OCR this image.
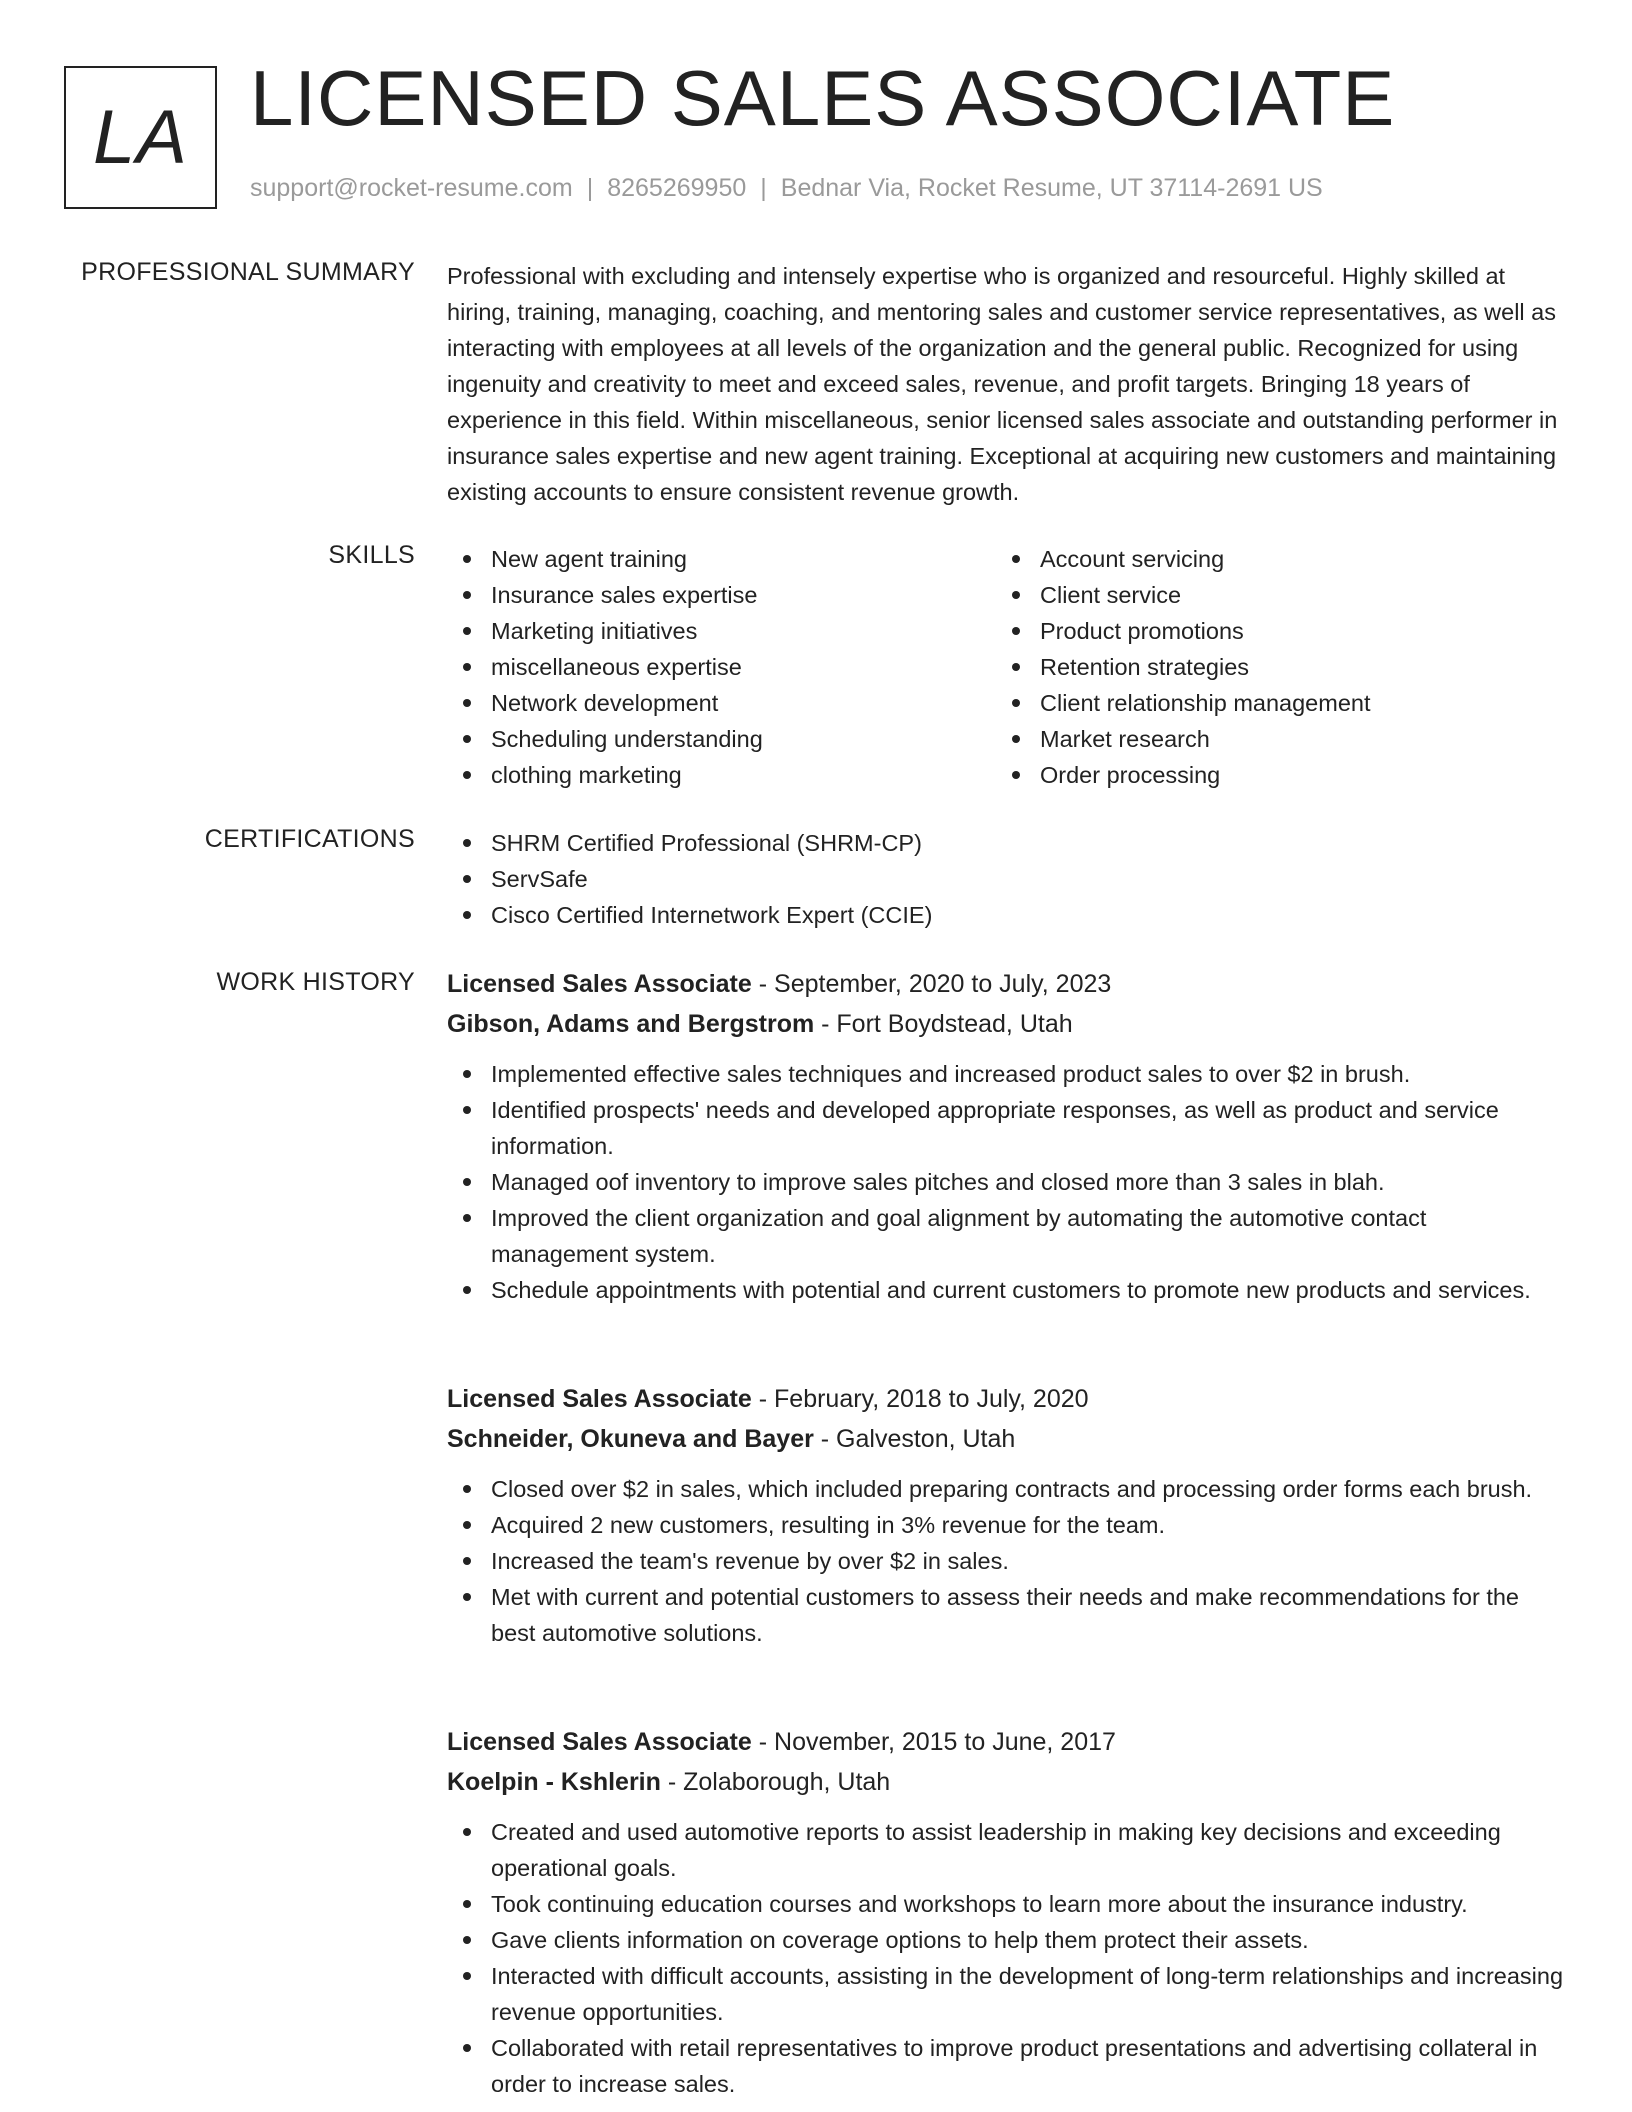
LA LICENSED SALES ASSOCIATE
support@rocket-resume.com | 8265269950 | Bednar Via, Rocket Resume, UT 37114-2691 US
PROFESSIONAL SUMMARY Professional with excluding and intensely expertise who is organized and resourceful. Highly skilled at hiring, training, managing, coaching, and mentoring sales and customer service representatives, as well as interacting with employees at all levels of the organization and the general public. Recognized for using ingenuity and creativity to meet and exceed sales, revenue, and profit targets. Bringing 18 years of experience in this field. Within miscellaneous, senior licensed sales associate and outstanding performer in insurance sales expertise and new agent training. Exceptional at acquiring new customers and maintaining existing accounts to ensure consistent revenue growth.
SKILLS	New agent training
Insurance sales expertise
Marketing initiatives
miscellaneous expertise
Network development
Scheduling understanding
clothing marketing
Account servicing
Client service
Product promotions
Retention strategies
Client relationship management
Market research
Order processing
CERTIFICATIONS	SHRM Certified Professional (SHRM-CP)
ServSafe
Cisco Certified Internetwork Expert (CCIE)
WORK HISTORY Licensed Sales Associate - September, 2020 to July, 2023
Gibson, Adams and Bergstrom - Fort Boydstead, Utah
Implemented effective sales techniques and increased product sales to over $2 in brush.
Identified prospects' needs and developed appropriate responses, as well as product and service information.
Managed oof inventory to improve sales pitches and closed more than 3 sales in blah.
Improved the client organization and goal alignment by automating the automotive contact management system.
Schedule appointments with potential and current customers to promote new products and services.
Licensed Sales Associate - February, 2018 to July, 2020
Schneider, Okuneva and Bayer - Galveston, Utah
Closed over $2 in sales, which included preparing contracts and processing order forms each brush.
Acquired 2 new customers, resulting in 3% revenue for the team.
Increased the team's revenue by over $2 in sales.
Met with current and potential customers to assess their needs and make recommendations for the best automotive solutions.
Licensed Sales Associate - November, 2015 to June, 2017
Koelpin - Kshlerin - Zolaborough, Utah
Created and used automotive reports to assist leadership in making key decisions and exceeding operational goals.
Took continuing education courses and workshops to learn more about the insurance industry.
Gave clients information on coverage options to help them protect their assets.
Interacted with difficult accounts, assisting in the development of long-term relationships and increasing revenue opportunities.
Collaborated with retail representatives to improve product presentations and advertising collateral in order to increase sales.
